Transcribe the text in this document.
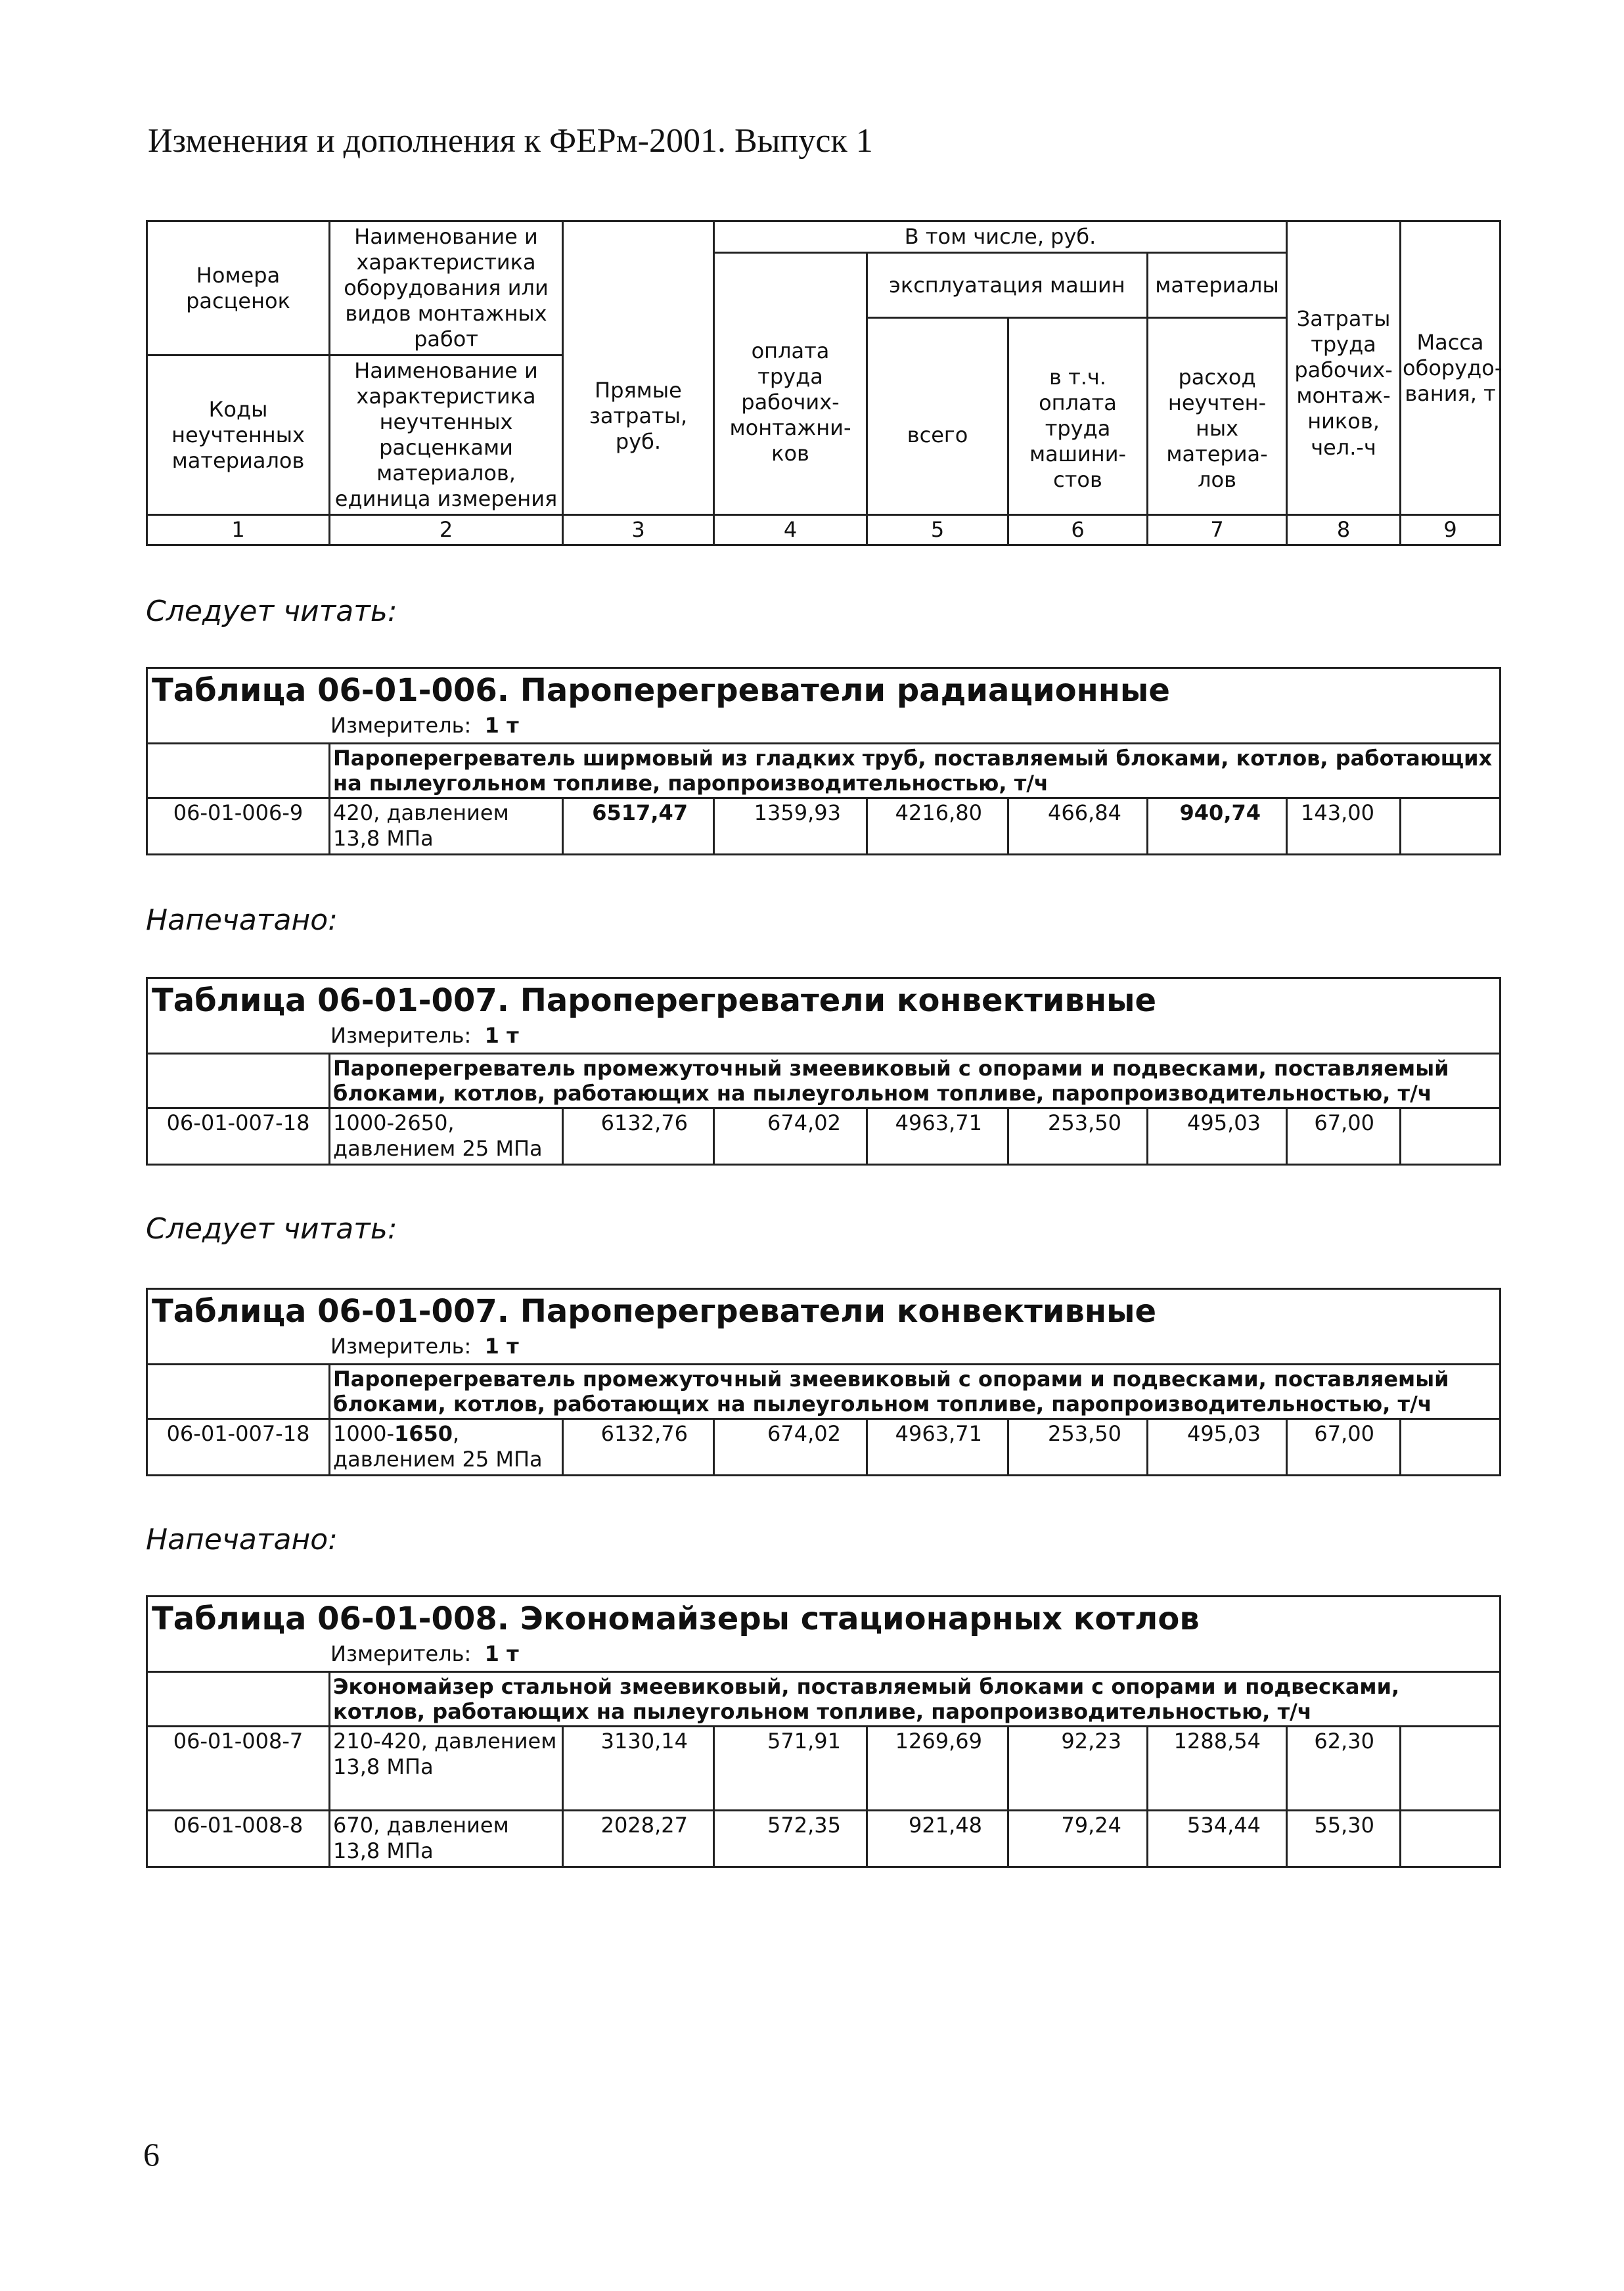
Изменения и дополнения к ФЕРм-2001. Выпуск 1
Номера расценок	Наименование и характеристика оборудования или видов монтажных работ	Прямые затраты, руб.	В том числе, руб.					Масса оборудо-вания, т
			оплата труда рабочих-монтажни-ков	эксплуатация машин		материалы	Затраты труда рабочих-монтаж-ников, чел.-ч	
				всего	в т.ч. оплата труда машини-стов	расход неучтен-ных материа-лов		
Коды неучтенных материалов	Наименование и характеристика неучтенных расценками материалов, единица измерения							

1	2	3	4	5	6	7	8	9
Следует читать:
Таблица 06-01-006. Пароперегреватели радиационные								
Измеритель: 1 т								
	Пароперегреватель ширмовый из гладких труб, поставляемый блоками, котлов, работающих на пылеугольном топливе, паропроизводительностью, т/ч							
06-01-006-9	420, давлением 13,8 МПа	6517,47	1359,93	4216,80	466,84	940,74	143,00	
Напечатано:
Таблица 06-01-007. Пароперегреватели конвективные								
Измеритель: 1 т								
	Пароперегреватель промежуточный змеевиковый с опорами и подвесками, поставляемый блоками, котлов, работающих на пылеугольном топливе, паропроизводительностью, т/ч							
06-01-007-18	1000-2650, давлением 25 МПа	6132,76	674,02	4963,71	253,50	495,03	67,00	
Следует читать:
Таблица 06-01-007. Пароперегреватели конвективные								
Измеритель: 1 т								
	Пароперегреватель промежуточный змеевиковый с опорами и подвесками, поставляемый блоками, котлов, работающих на пылеугольном топливе, паропроизводительностью, т/ч							
06-01-007-18	1000-1650, давлением 25 МПа	6132,76	674,02	4963,71	253,50	495,03	67,00	
Напечатано:
Таблица 06-01-008. Экономайзеры стационарных котлов								
Измеритель: 1 т								
	Экономайзер стальной змеевиковый, поставляемый блоками с опорами и подвесками, котлов, работающих на пылеугольном топливе, паропроизводительностью, т/ч							
06-01-008-7	210-420, давлением 13,8 МПа	3130,14	571,91	1269,69	92,23	1288,54	62,30	
06-01-008-8	670, давлением 13,8 МПа	2028,27	572,35	921,48	79,24	534,44	55,30	
6
